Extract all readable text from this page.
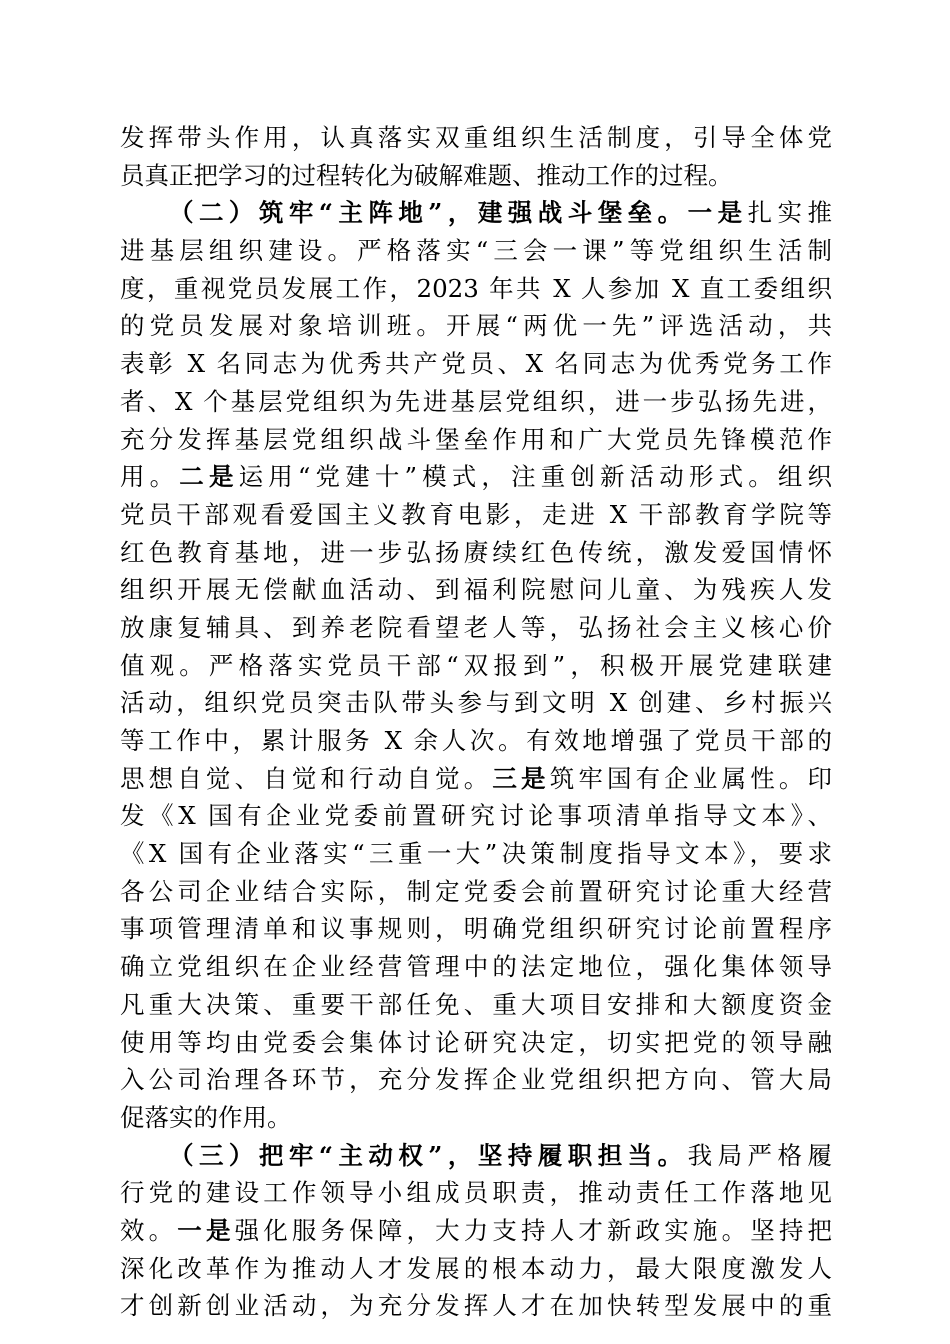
发挥带头作用，认真落实双重组织生活制度，引导全体党
员真正把学习的过程转化为破解难题、推动工作的过程。
（二）筑牢“主阵地”，建强战斗堡垒。一是扎实推
进基层组织建设。严格落实“三会一课”等党组织生活制
度，重视党员发展工作，2023 年共 X 人参加 X 直工委组织
的党员发展对象培训班。开展“两优一先”评选活动，共
表彰 X 名同志为优秀共产党员、X 名同志为优秀党务工作
者、X 个基层党组织为先进基层党组织，进一步弘扬先进，
充分发挥基层党组织战斗堡垒作用和广大党员先锋模范作
用。二是运用“党建十”模式，注重创新活动形式。组织
党员干部观看爱国主义教育电影，走进 X 干部教育学院等
红色教育基地，进一步弘扬赓续红色传统，激发爱国情怀
组织开展无偿献血活动、到福利院慰问儿童、为残疾人发
放康复辅具、到养老院看望老人等，弘扬社会主义核心价
值观。严格落实党员干部“双报到”，积极开展党建联建
活动，组织党员突击队带头参与到文明 X 创建、乡村振兴
等工作中，累计服务 X 余人次。有效地增强了党员干部的
思想自觉、自觉和行动自觉。三是筑牢国有企业属性。印
发《X 国有企业党委前置研究讨论事项清单指导文本》、
《X 国有企业落实“三重一大”决策制度指导文本》，要求
各公司企业结合实际，制定党委会前置研究讨论重大经营
事项管理清单和议事规则，明确党组织研究讨论前置程序
确立党组织在企业经营管理中的法定地位，强化集体领导
凡重大决策、重要干部任免、重大项目安排和大额度资金
使用等均由党委会集体讨论研究决定，切实把党的领导融
入公司治理各环节，充分发挥企业党组织把方向、管大局
促落实的作用。
（三）把牢“主动权”，坚持履职担当。我局严格履
行党的建设工作领导小组成员职责，推动责任工作落地见
效。一是强化服务保障，大力支持人才新政实施。坚持把
深化改革作为推动人才发展的根本动力，最大限度激发人
才创新创业活动，为充分发挥人才在加快转型发展中的重
